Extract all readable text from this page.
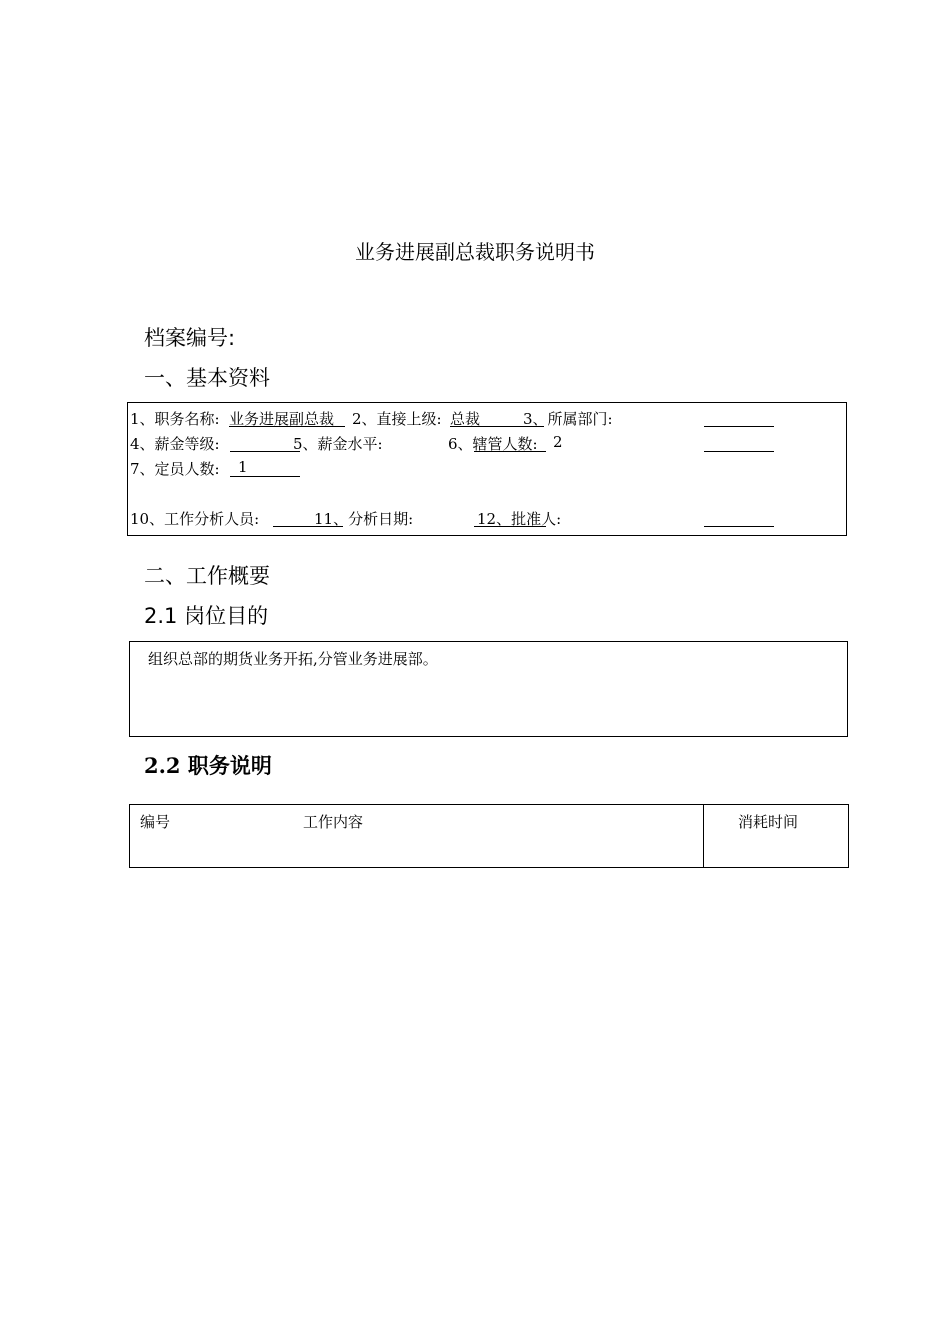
业务进展副总裁职务说明书
档案编号:
一、基本资料
1、职务名称: 业务进展副总裁 2、直接上级: 总裁	3、所属部门:
4、薪金等级:	5、薪金水平:	6、辖管人数: 2
7、定员人数: 1
10、工作分析人员:	11、分析日期:	12、批准人:
二、工作概要
2.1 岗位目的
组织总部的期货业务开拓,分管业务进展部。
2.2 职务说明
编号	工作内容	消耗时间
